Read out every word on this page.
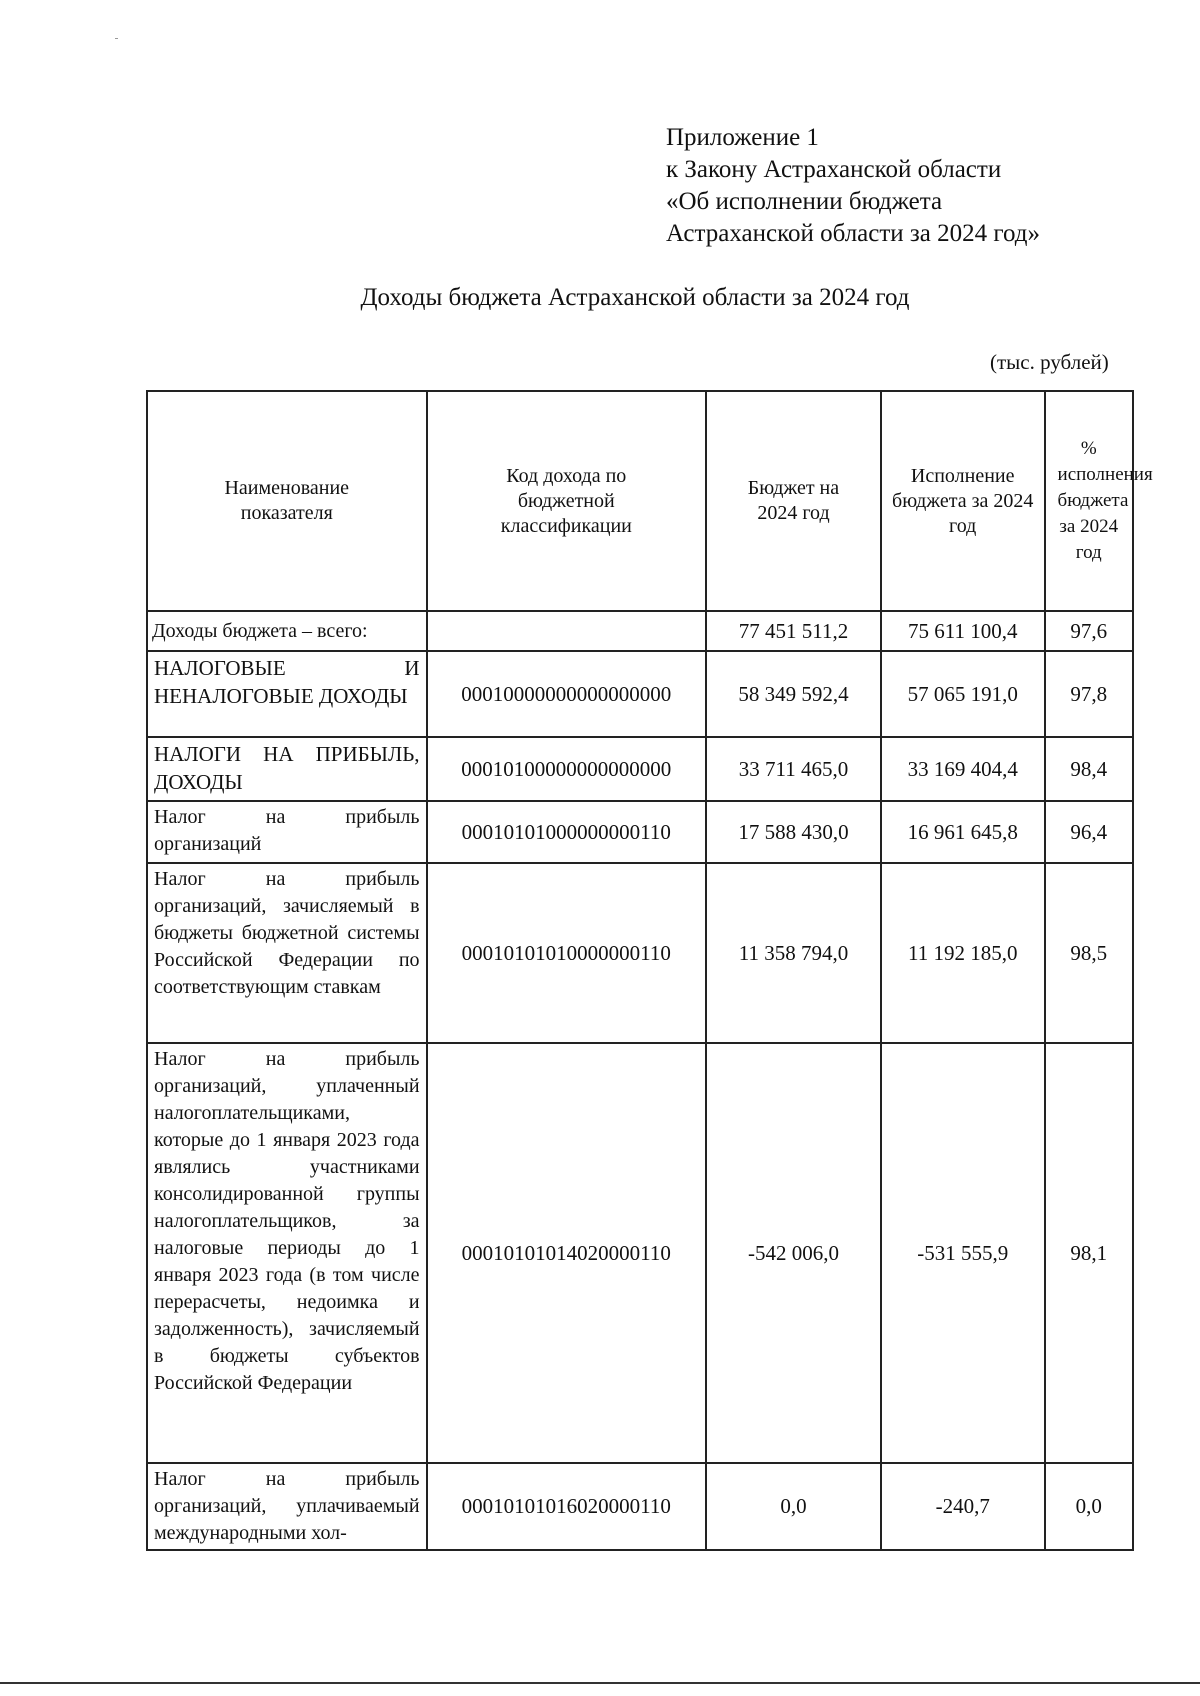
Приложение 1
к Закону Астраханской области
«Об исполнении бюджета
Астраханской области за 2024 год»
Доходы бюджета Астраханской области за 2024 год
(тыс. рублей)
Наименование показателя	Код дохода по бюджетной классификации	Бюджет на 2024 год	Исполнение бюджета за 2024 год	% исполнения бюджета за 2024 год
Доходы бюджета – всего:		77 451 511,2	75 611 100,4	97,6
НАЛОГОВЫЕ И НЕНАЛОГОВЫЕ ДОХОДЫ	00010000000000000000	58 349 592,4	57 065 191,0	97,8
НАЛОГИ НА ПРИБЫЛЬ, ДОХОДЫ	00010100000000000000	33 711 465,0	33 169 404,4	98,4
Налог на прибыль организаций	00010101000000000110	17 588 430,0	16 961 645,8	96,4
Налог на прибыль организаций, зачисляемый в бюджеты бюджетной системы Российской Федерации по соответствующим ставкам	00010101010000000110	11 358 794,0	11 192 185,0	98,5
Налог на прибыль организаций, уплаченный налогоплательщиками, которые до 1 января 2023 года являлись участниками консолидированной группы налогоплательщиков, за налоговые периоды до 1 января 2023 года (в том числе перерасчеты, недоимка и задолженность), зачисляемый в бюджеты субъектов Российской Федерации	00010101014020000110	-542 006,0	-531 555,9	98,1
Налог на прибыль организаций, уплачиваемый международными хол-	00010101016020000110	0,0	-240,7	0,0
